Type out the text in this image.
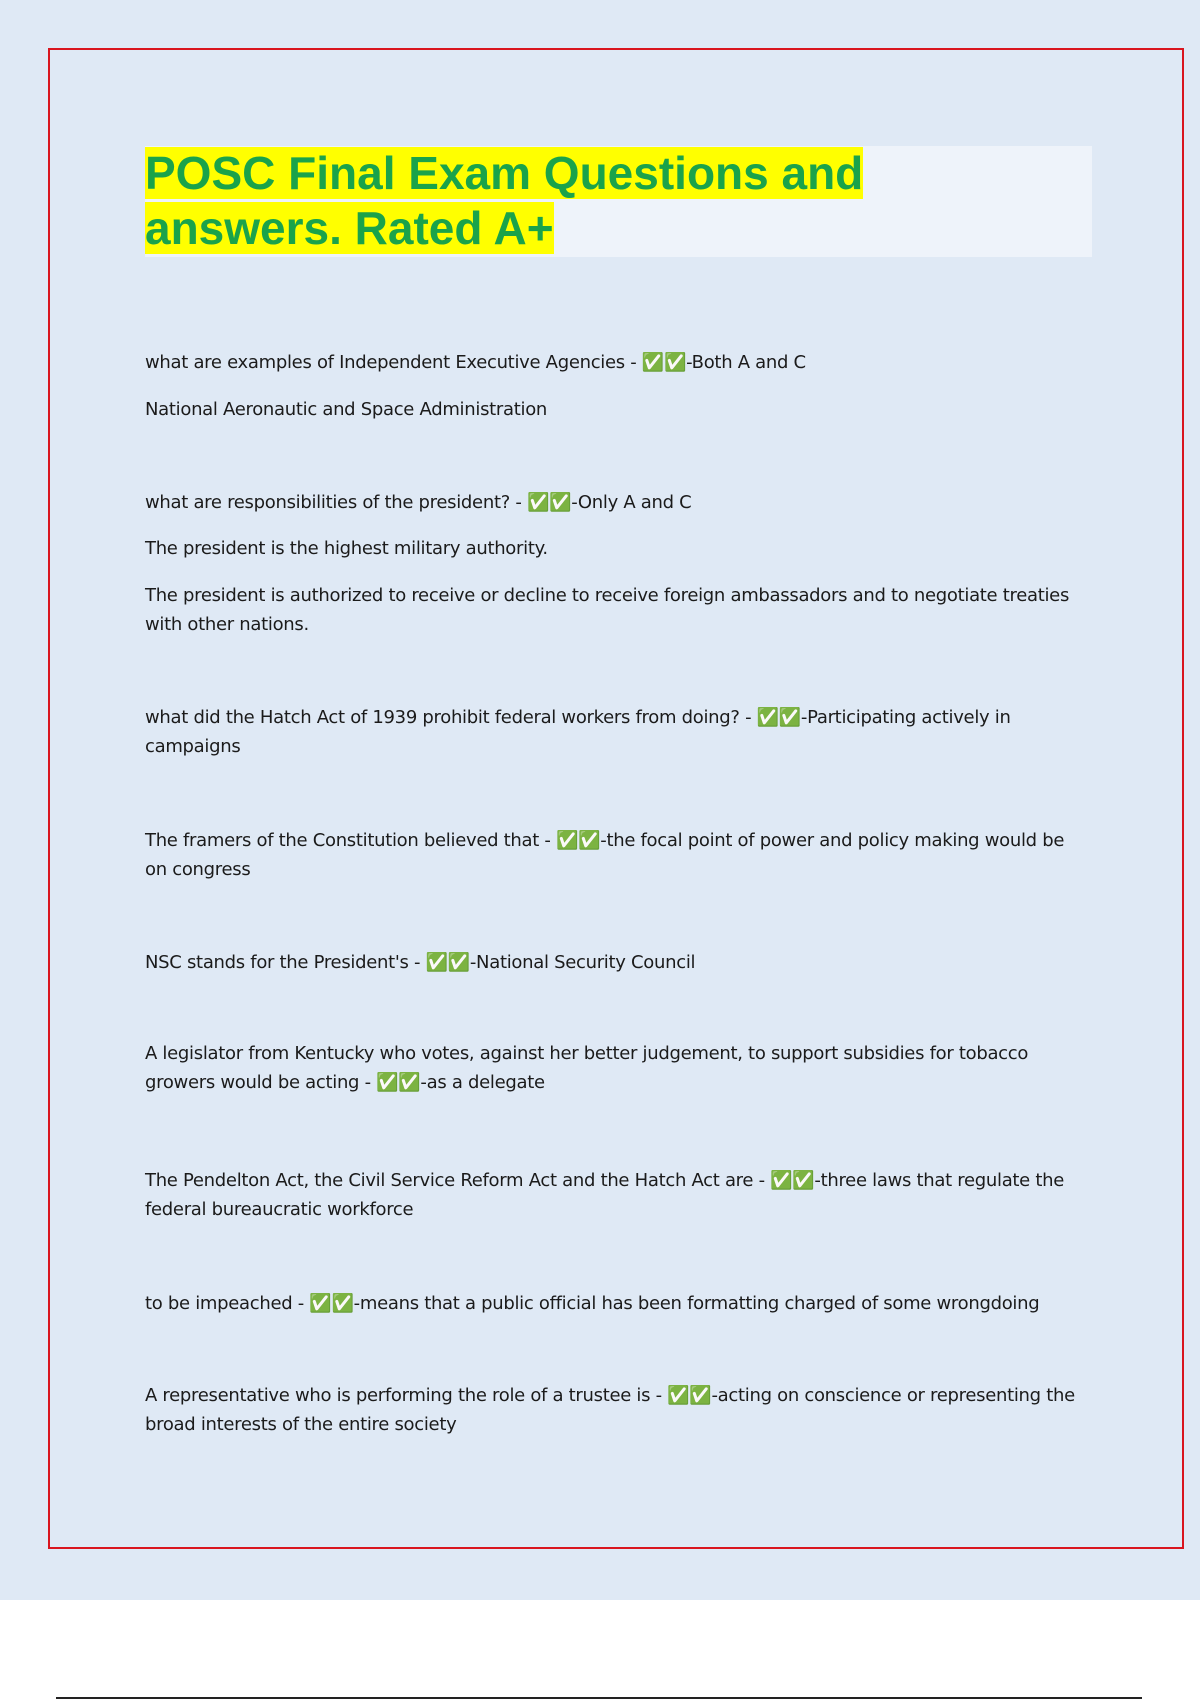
POSC Final Exam Questions and answers. Rated A+

what are examples of Independent Executive Agencies - ✅✅-Both A and C

National Aeronautic and Space Administration

what are responsibilities of the president? - ✅✅-Only A and C

The president is the highest military authority.

The president is authorized to receive or decline to receive foreign ambassadors and to negotiate treaties with other nations.

what did the Hatch Act of 1939 prohibit federal workers from doing? - ✅✅-Participating actively in campaigns

The framers of the Constitution believed that - ✅✅-the focal point of power and policy making would be on congress

NSC stands for the President's - ✅✅-National Security Council

A legislator from Kentucky who votes, against her better judgement, to support subsidies for tobacco growers would be acting - ✅✅-as a delegate

The Pendelton Act, the Civil Service Reform Act and the Hatch Act are - ✅✅-three laws that regulate the federal bureaucratic workforce

to be impeached - ✅✅-means that a public official has been formatting charged of some wrongdoing

A representative who is performing the role of a trustee is - ✅✅-acting on conscience or representing the broad interests of the entire society
